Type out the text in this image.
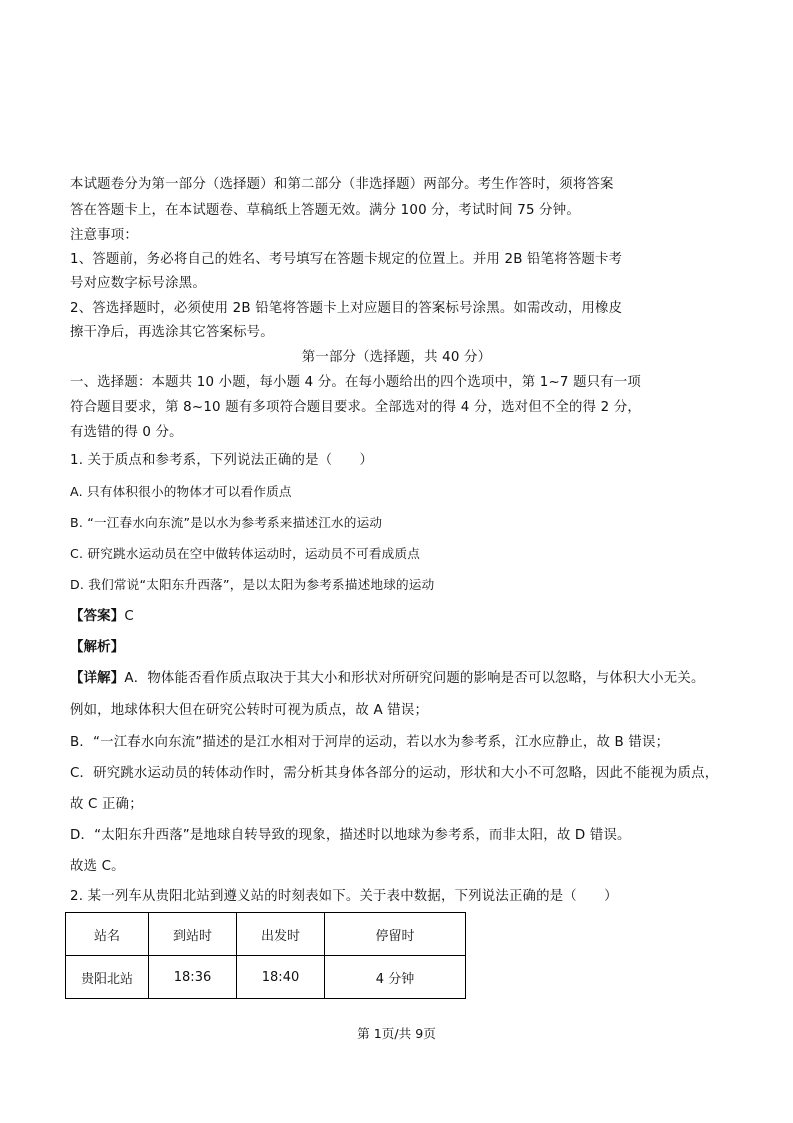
本试题卷分为第一部分（选择题）和第二部分（非选择题）两部分。考生作答时，须将答案
答在答题卡上，在本试题卷、草稿纸上答题无效。满分 100 分，考试时间 75 分钟。
注意事项：
1、答题前，务必将自己的姓名、考号填写在答题卡规定的位置上。并用 2B 铅笔将答题卡考
号对应数字标号涂黑。
2、答选择题时，必须使用 2B 铅笔将答题卡上对应题目的答案标号涂黑。如需改动，用橡皮
擦干净后，再选涂其它答案标号。
第一部分（选择题，共 40 分）
一、选择题：本题共 10 小题，每小题 4 分。在每小题给出的四个选项中，第 1~7 题只有一项
符合题目要求，第 8~10 题有多项符合题目要求。全部选对的得 4 分，选对但不全的得 2 分，
有选错的得 0 分。
1. 关于质点和参考系，下列说法正确的是（　　）
A. 只有体积很小的物体才可以看作质点
B. “一江春水向东流”是以水为参考系来描述江水的运动
C. 研究跳水运动员在空中做转体运动时，运动员不可看成质点
D. 我们常说“太阳东升西落”，是以太阳为参考系描述地球的运动
【答案】C
【解析】
【详解】A．物体能否看作质点取决于其大小和形状对所研究问题的影响是否可以忽略，与体积大小无关。
例如，地球体积大但在研究公转时可视为质点，故 A 错误；
B．“一江春水向东流”描述的是江水相对于河岸的运动，若以水为参考系，江水应静止，故 B 错误；
C．研究跳水运动员的转体动作时，需分析其身体各部分的运动，形状和大小不可忽略，因此不能视为质点，
故 C 正确；
D．“太阳东升西落”是地球自转导致的现象，描述时以地球为参考系，而非太阳，故 D 错误。
故选 C。
2. 某一列车从贵阳北站到遵义站的时刻表如下。关于表中数据，下列说法正确的是（　　）
站名	到站时	出发时	停留时
贵阳北站	18:36	18:40	4 分钟
第 1页/共 9页
